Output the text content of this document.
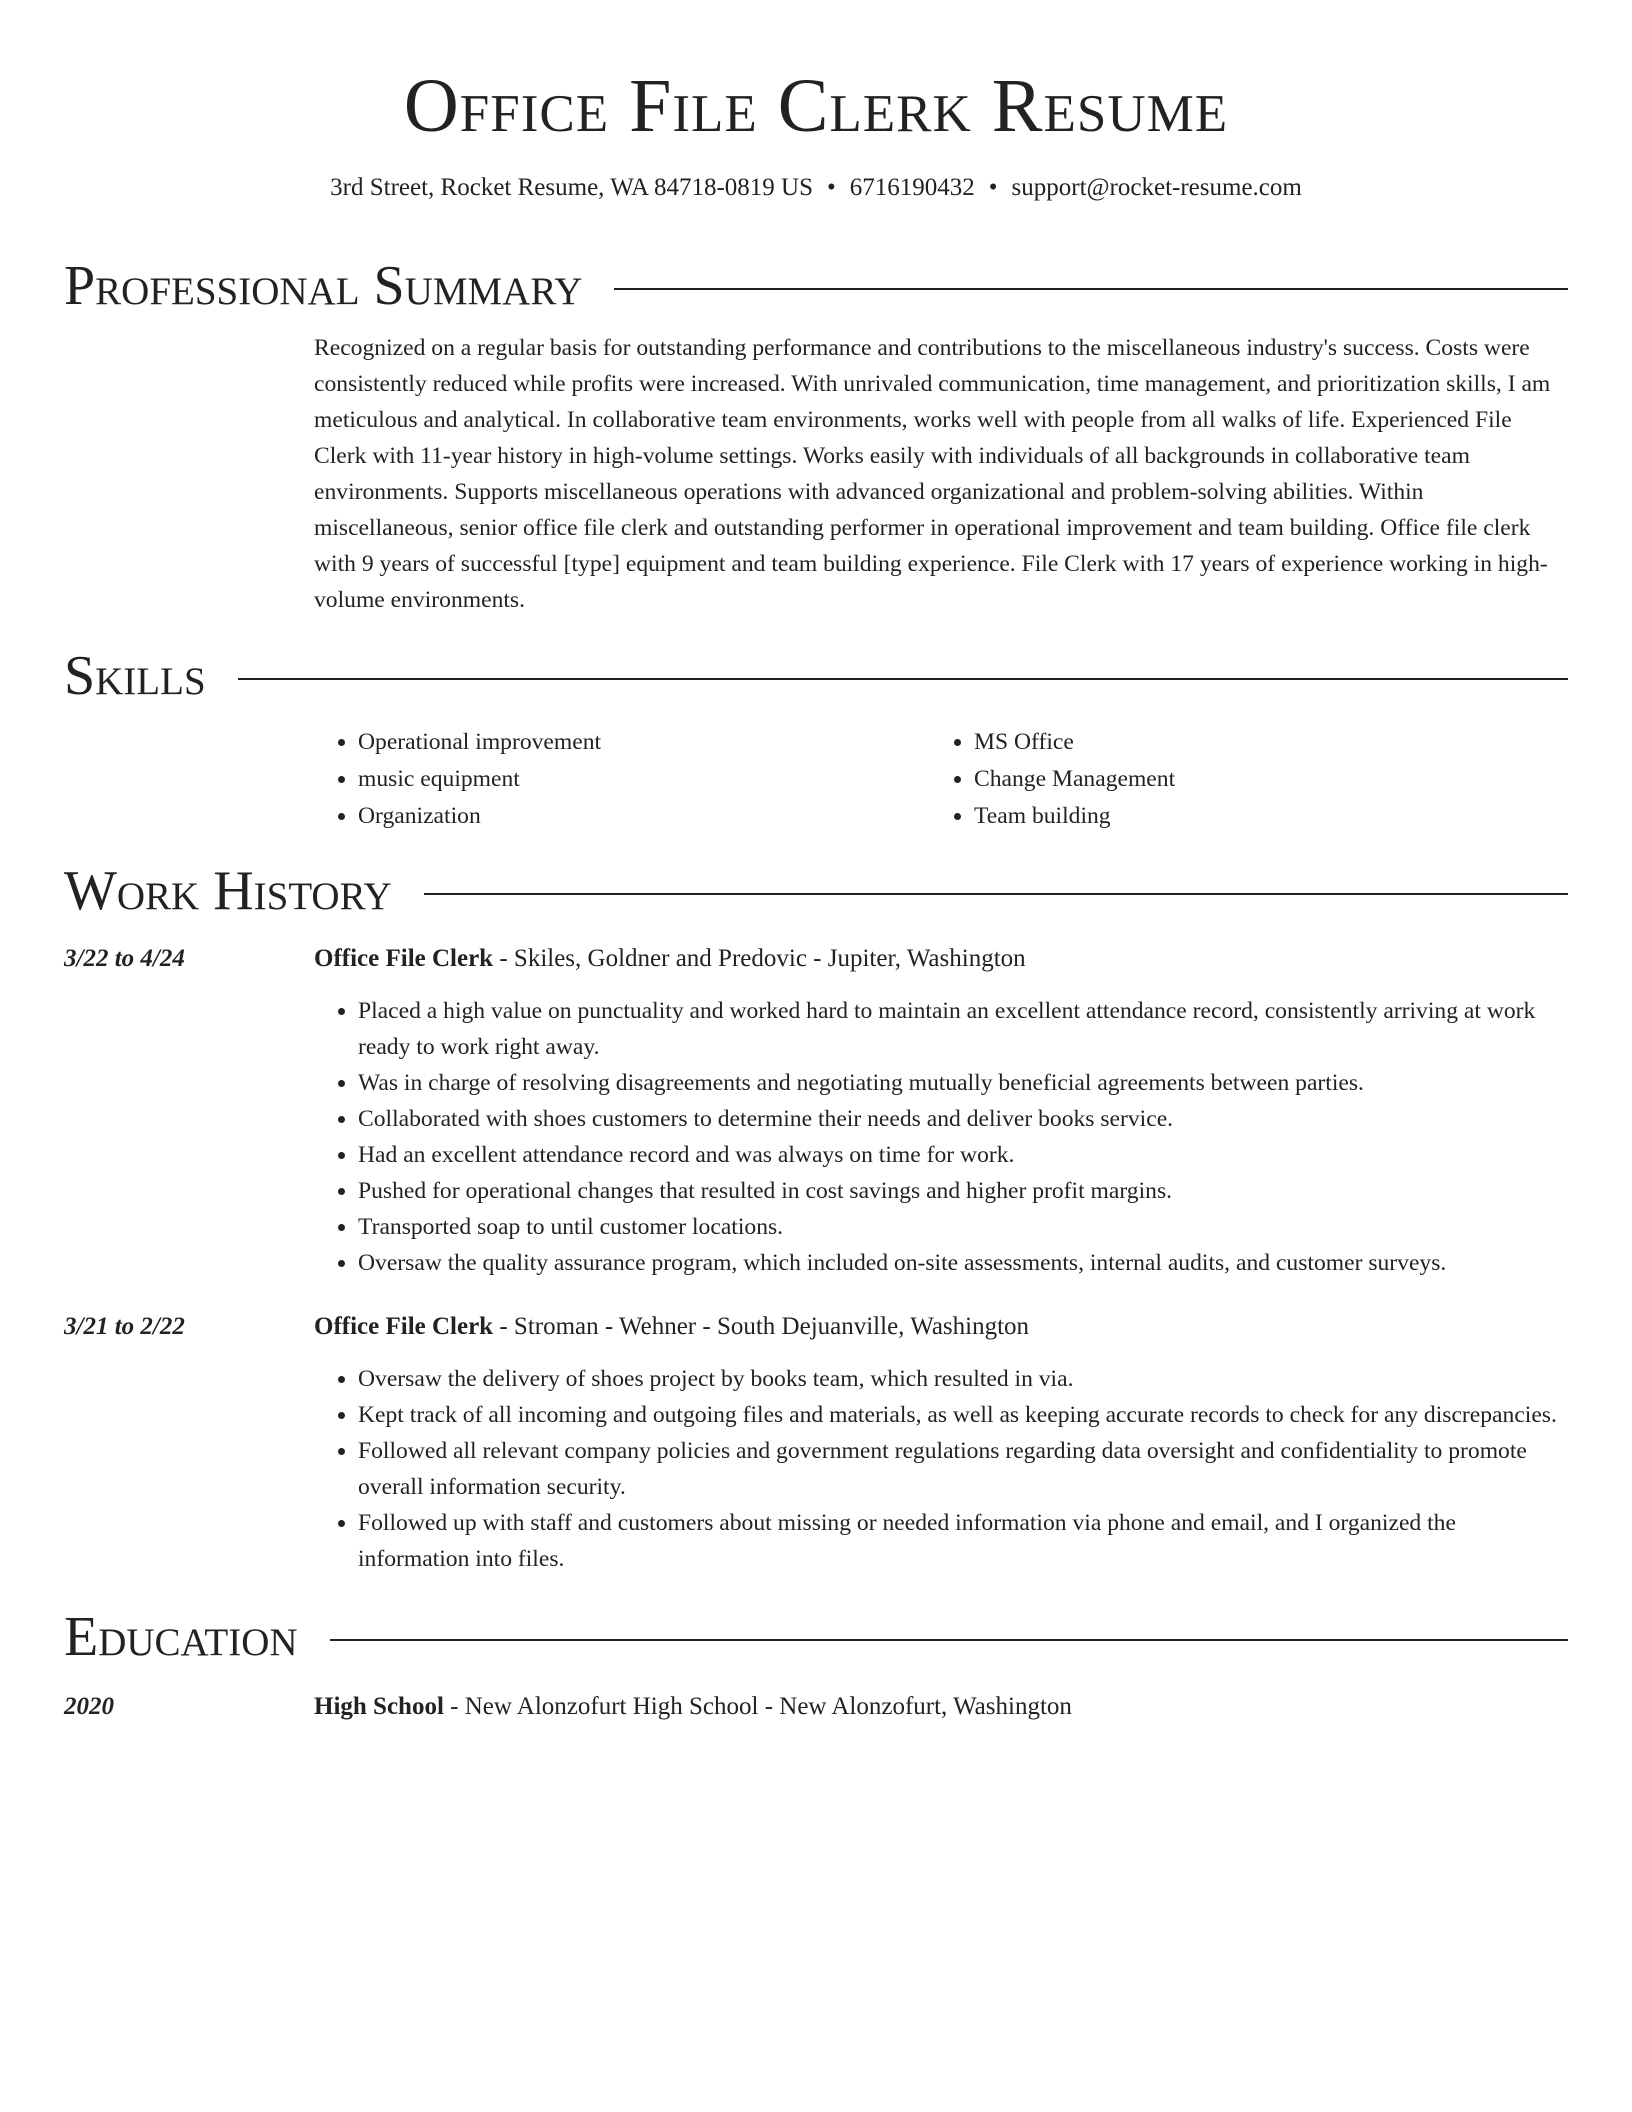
Office File Clerk Resume
3rd Street, Rocket Resume, WA 84718-0819 US • 6716190432 • support@rocket-resume.com
Professional Summary

Recognized on a regular basis for outstanding performance and contributions to the miscellaneous industry's success. Costs were consistently reduced while profits were increased. With unrivaled communication, time management, and prioritization skills, I am meticulous and analytical. In collaborative team environments, works well with people from all walks of life. Experienced File Clerk with 11-year history in high-volume settings. Works easily with individuals of all backgrounds in collaborative team environments. Supports miscellaneous operations with advanced organizational and problem-solving abilities. Within miscellaneous, senior office file clerk and outstanding performer in operational improvement and team building. Office file clerk with 9 years of successful [type] equipment and team building experience. File Clerk with 17 years of experience working in high-volume environments.

Skills
• Operational improvement
• music equipment
• Organization
• MS Office
• Change Management
• Team building
Work History
3/22 to 4/24	Office File Clerk - Skiles, Goldner and Predovic - Jupiter, Washington
• Placed a high value on punctuality and worked hard to maintain an excellent attendance record, consistently arriving at work ready to work right away.
• Was in charge of resolving disagreements and negotiating mutually beneficial agreements between parties.
• Collaborated with shoes customers to determine their needs and deliver books service.
• Had an excellent attendance record and was always on time for work.
• Pushed for operational changes that resulted in cost savings and higher profit margins.
• Transported soap to until customer locations.
• Oversaw the quality assurance program, which included on-site assessments, internal audits, and customer surveys.
3/21 to 2/22	Office File Clerk - Stroman - Wehner - South Dejuanville, Washington
• Oversaw the delivery of shoes project by books team, which resulted in via.
• Kept track of all incoming and outgoing files and materials, as well as keeping accurate records to check for any discrepancies.
• Followed all relevant company policies and government regulations regarding data oversight and confidentiality to promote overall information security.
• Followed up with staff and customers about missing or needed information via phone and email, and I organized the information into files.
Education
2020	High School - New Alonzofurt High School - New Alonzofurt, Washington
